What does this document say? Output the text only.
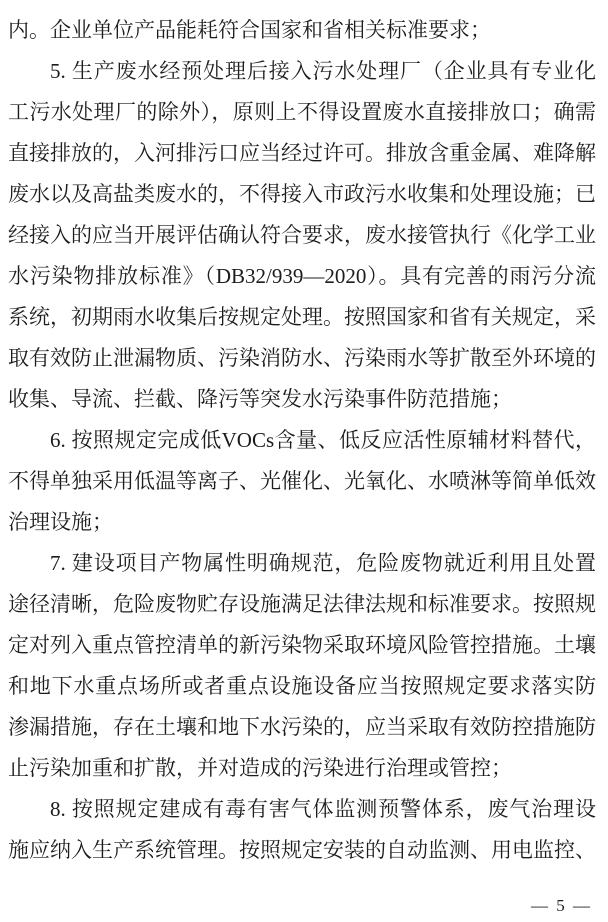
内。企业单位产品能耗符合国家和省相关标准要求；
5. 生产废水经预处理后接入污水处理厂（企业具有专业化
工污水处理厂的除外），原则上不得设置废水直接排放口；确需
直接排放的，入河排污口应当经过许可。排放含重金属、难降解
废水以及高盐类废水的，不得接入市政污水收集和处理设施；已
经接入的应当开展评估确认符合要求，废水接管执行《化学工业
水污染物排放标准》（DB32/939—2020）。具有完善的雨污分流
系统，初期雨水收集后按规定处理。按照国家和省有关规定，采
取有效防止泄漏物质、污染消防水、污染雨水等扩散至外环境的
收集、导流、拦截、降污等突发水污染事件防范措施；
6. 按照规定完成低VOCs含量、低反应活性原辅材料替代，
不得单独采用低温等离子、光催化、光氧化、水喷淋等简单低效
治理设施；
7. 建设项目产物属性明确规范，危险废物就近利用且处置
途径清晰，危险废物贮存设施满足法律法规和标准要求。按照规
定对列入重点管控清单的新污染物采取环境风险管控措施。土壤
和地下水重点场所或者重点设施设备应当按照规定要求落实防
渗漏措施，存在土壤和地下水污染的，应当采取有效防控措施防
止污染加重和扩散，并对造成的污染进行治理或管控；
8. 按照规定建成有毒有害气体监测预警体系，废气治理设
施应纳入生产系统管理。按照规定安装的自动监测、用电监控、
— 5 —
